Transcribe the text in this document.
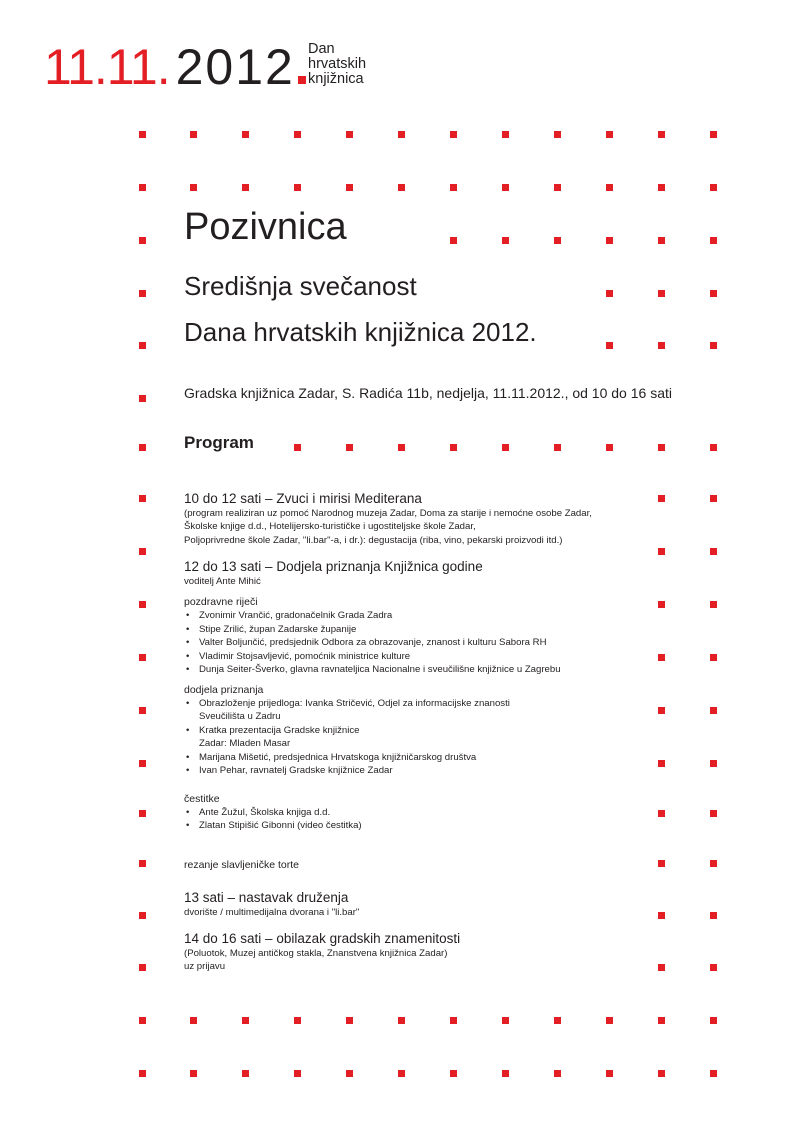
11.11. 2012 Dan
hrvatskih
knjižnica
Pozivnica
Središnja svečanost
Dana hrvatskih knjižnica 2012.
Gradska knjižnica Zadar, S. Radića 11b, nedjelja, 11.11.2012., od 10 do 16 sati
Program
10 do 12 sati – Zvuci i mirisi Mediterana
(program realiziran uz pomoć Narodnog muzeja Zadar, Doma za starije i nemoćne osobe Zadar,
Školske knjige d.d., Hotelijersko-turističke i ugostiteljske škole Zadar,
Poljoprivredne škole Zadar, "li.bar"-a, i dr.): degustacija (riba, vino, pekarski proizvodi itd.)
12 do 13 sati – Dodjela priznanja Knjižnica godine
voditelj Ante Mihić
pozdravne riječi
• Zvonimir Vrančić, gradonačelnik Grada Zadra
• Stipe Zrilić, župan Zadarske županije
• Valter Boljunčić, predsjednik Odbora za obrazovanje, znanost i kulturu Sabora RH
• Vladimir Stojsavljević, pomoćnik ministrice kulture
• Dunja Seiter-Šverko, glavna ravnateljica Nacionalne i sveučilišne knjižnice u Zagrebu
dodjela priznanja
• Obrazloženje prijedloga: Ivanka Stričević, Odjel za informacijske znanosti
Sveučilišta u Zadru
• Kratka prezentacija Gradske knjižnice
Zadar: Mladen Masar
• Marijana Mišetić, predsjednica Hrvatskoga knjižničarskog društva
• Ivan Pehar, ravnatelj Gradske knjižnice Zadar
čestitke
• Ante Žužul, Školska knjiga d.d.
• Zlatan Stipišić Gibonni (video čestitka)
rezanje slavljeničke torte
13 sati – nastavak druženja
dvorište / multimedijalna dvorana i "li.bar"
14 do 16 sati – obilazak gradskih znamenitosti
(Poluotok, Muzej antičkog stakla, Znanstvena knjižnica Zadar)
uz prijavu
